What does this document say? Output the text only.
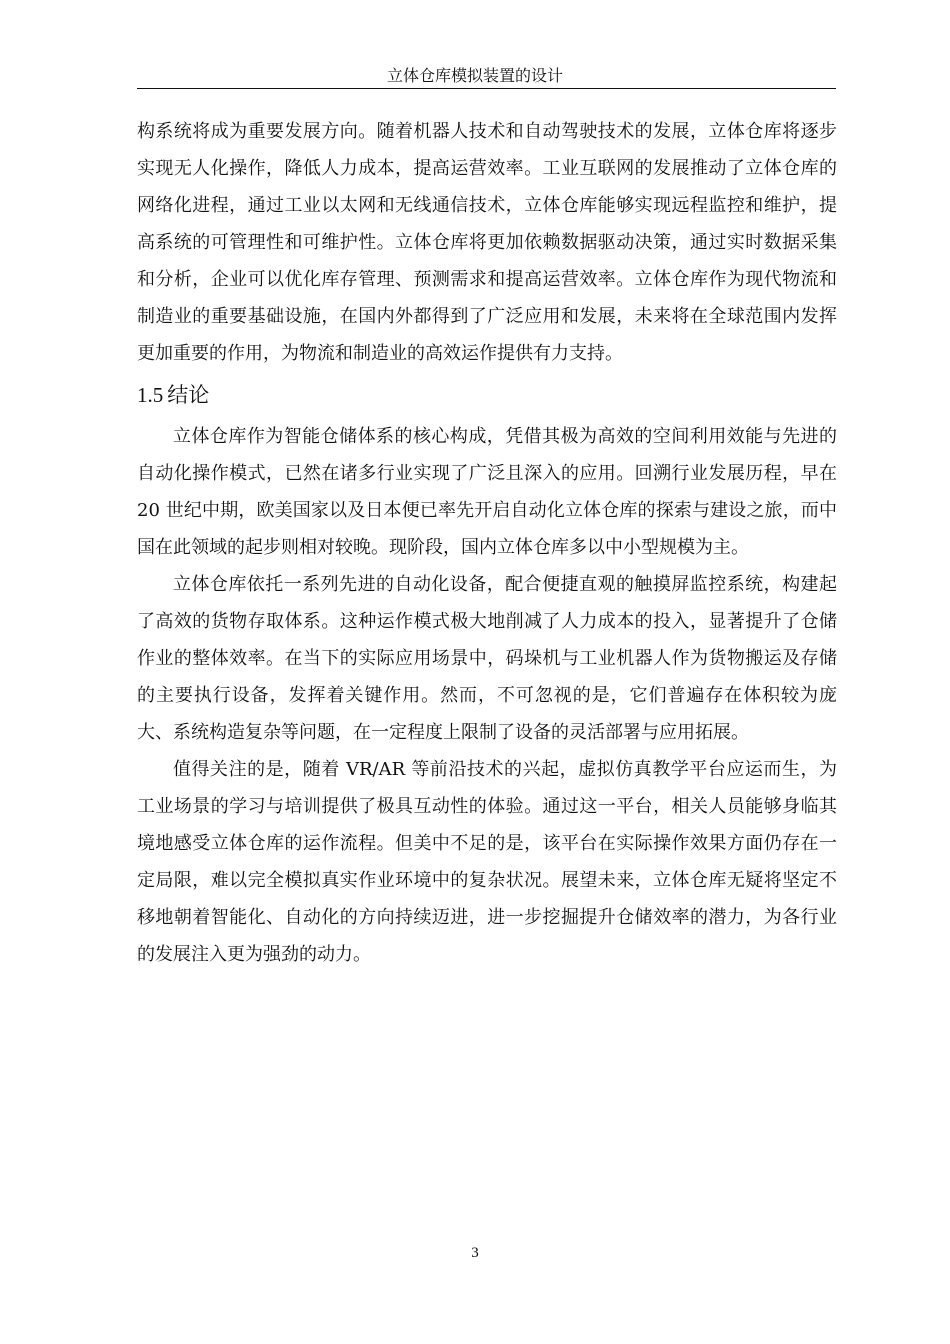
立体仓库模拟装置的设计

构系统将成为重要发展方向。随着机器人技术和自动驾驶技术的发展，立体仓库将逐步实现无人化操作，降低人力成本，提高运营效率。工业互联网的发展推动了立体仓库的网络化进程，通过工业以太网和无线通信技术，立体仓库能够实现远程监控和维护，提高系统的可管理性和可维护性。立体仓库将更加依赖数据驱动决策，通过实时数据采集和分析，企业可以优化库存管理、预测需求和提高运营效率。立体仓库作为现代物流和制造业的重要基础设施，在国内外都得到了广泛应用和发展，未来将在全球范围内发挥更加重要的作用，为物流和制造业的高效运作提供有力支持。

1.5 结论

立体仓库作为智能仓储体系的核心构成，凭借其极为高效的空间利用效能与先进的自动化操作模式，已然在诸多行业实现了广泛且深入的应用。回溯行业发展历程，早在 20 世纪中期，欧美国家以及日本便已率先开启自动化立体仓库的探索与建设之旅，而中国在此领域的起步则相对较晚。现阶段，国内立体仓库多以中小型规模为主。

立体仓库依托一系列先进的自动化设备，配合便捷直观的触摸屏监控系统，构建起了高效的货物存取体系。这种运作模式极大地削减了人力成本的投入，显著提升了仓储作业的整体效率。在当下的实际应用场景中，码垛机与工业机器人作为货物搬运及存储的主要执行设备，发挥着关键作用。然而，不可忽视的是，它们普遍存在体积较为庞大、系统构造复杂等问题，在一定程度上限制了设备的灵活部署与应用拓展。

值得关注的是，随着 VR/AR 等前沿技术的兴起，虚拟仿真教学平台应运而生，为工业场景的学习与培训提供了极具互动性的体验。通过这一平台，相关人员能够身临其境地感受立体仓库的运作流程。但美中不足的是，该平台在实际操作效果方面仍存在一定局限，难以完全模拟真实作业环境中的复杂状况。展望未来，立体仓库无疑将坚定不移地朝着智能化、自动化的方向持续迈进，进一步挖掘提升仓储效率的潜力，为各行业的发展注入更为强劲的动力。

3
